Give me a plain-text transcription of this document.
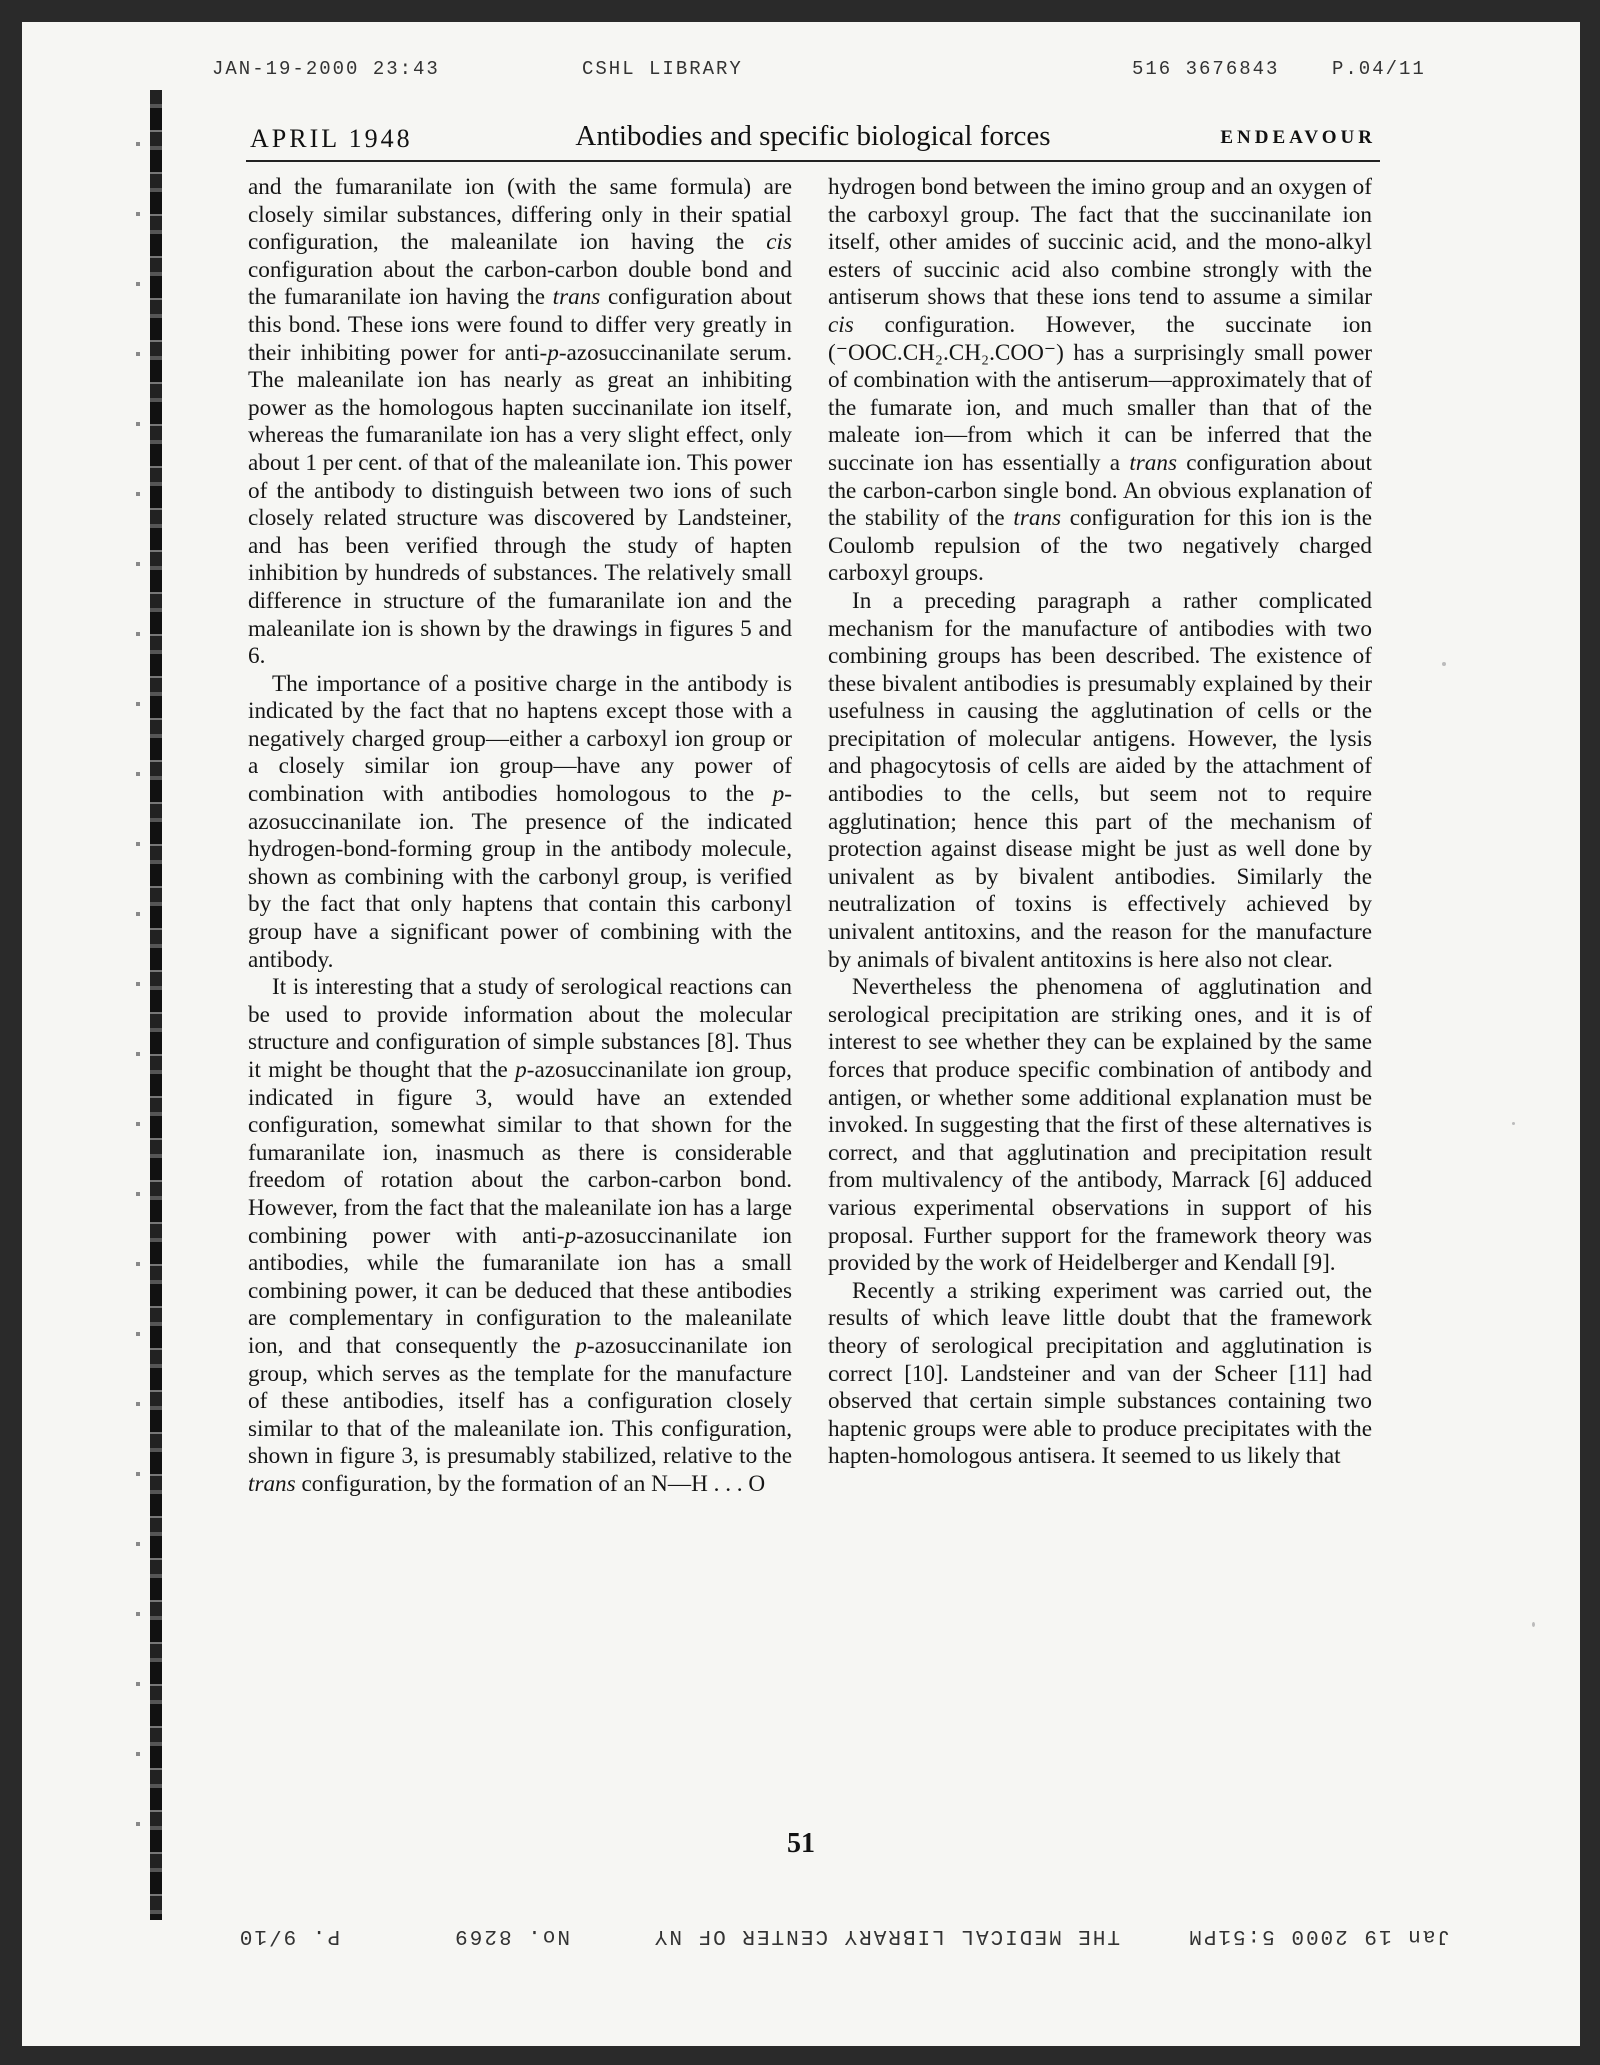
JAN-19-2000 23:43	CSHL LIBRARY	516 3676843	P.04/11
APRIL 1948	Antibodies and specific biological forces	ENDEAVOUR

and the fumaranilate ion (with the same formula) are closely similar substances, differing only in their spatial configuration, the maleanilate ion having the cis configuration about the carbon-carbon double bond and the fumaranilate ion having the trans configuration about this bond. These ions were found to differ very greatly in their inhibiting power for anti-p-azosuccinanilate serum. The maleanilate ion has nearly as great an inhibiting power as the homologous hapten succinanilate ion itself, whereas the fumaranilate ion has a very slight effect, only about 1 per cent. of that of the maleanilate ion. This power of the antibody to distinguish between two ions of such closely related structure was discovered by Landsteiner, and has been verified through the study of hapten inhibition by hundreds of substances. The relatively small difference in structure of the fumaranilate ion and the maleanilate ion is shown by the drawings in figures 5 and 6.

The importance of a positive charge in the antibody is indicated by the fact that no haptens except those with a negatively charged group—either a carboxyl ion group or a closely similar ion group—have any power of combination with antibodies homologous to the p-azosuccinanilate ion. The presence of the indicated hydrogen-bond-forming group in the antibody molecule, shown as combining with the carbonyl group, is verified by the fact that only haptens that contain this carbonyl group have a significant power of combining with the antibody.

It is interesting that a study of serological reactions can be used to provide information about the molecular structure and configuration of simple substances [8]. Thus it might be thought that the p-azosuccinanilate ion group, indicated in figure 3, would have an extended configuration, somewhat similar to that shown for the fumaranilate ion, inasmuch as there is considerable freedom of rotation about the carbon-carbon bond. However, from the fact that the maleanilate ion has a large combining power with anti-p-azosuccinanilate ion antibodies, while the fumaranilate ion has a small combining power, it can be deduced that these antibodies are complementary in configuration to the maleanilate ion, and that consequently the p-azosuccinanilate ion group, which serves as the template for the manufacture of these antibodies, itself has a configuration closely similar to that of the maleanilate ion. This configuration, shown in figure 3, is presumably stabilized, relative to the trans configuration, by the formation of an N—H . . . O

hydrogen bond between the imino group and an oxygen of the carboxyl group. The fact that the succinanilate ion itself, other amides of succinic acid, and the mono-alkyl esters of succinic acid also combine strongly with the antiserum shows that these ions tend to assume a similar cis configuration. However, the succinate ion (⁻OOC.CH₂.CH₂.COO⁻) has a surprisingly small power of combination with the antiserum—approximately that of the fumarate ion, and much smaller than that of the maleate ion—from which it can be inferred that the succinate ion has essentially a trans configuration about the carbon-carbon single bond. An obvious explanation of the stability of the trans configuration for this ion is the Coulomb repulsion of the two negatively charged carboxyl groups.

In a preceding paragraph a rather complicated mechanism for the manufacture of antibodies with two combining groups has been described. The existence of these bivalent antibodies is presumably explained by their usefulness in causing the agglutination of cells or the precipitation of molecular antigens. However, the lysis and phagocytosis of cells are aided by the attachment of antibodies to the cells, but seem not to require agglutination; hence this part of the mechanism of protection against disease might be just as well done by univalent as by bivalent antibodies. Similarly the neutralization of toxins is effectively achieved by univalent antitoxins, and the reason for the manufacture by animals of bivalent antitoxins is here also not clear.

Nevertheless the phenomena of agglutination and serological precipitation are striking ones, and it is of interest to see whether they can be explained by the same forces that produce specific combination of antibody and antigen, or whether some additional explanation must be invoked. In suggesting that the first of these alternatives is correct, and that agglutination and precipitation result from multivalency of the antibody, Marrack [6] adduced various experimental observations in support of his proposal. Further support for the framework theory was provided by the work of Heidelberger and Kendall [9].

Recently a striking experiment was carried out, the results of which leave little doubt that the framework theory of serological precipitation and agglutination is correct [10]. Landsteiner and van der Scheer [11] had observed that certain simple substances containing two haptenic groups were able to produce precipitates with the hapten-homologous antisera. It seemed to us likely that

51
Jan 19 2000 5:51PM
THE MEDICAL LIBRARY CENTER OF NY
No. 8269
P. 9/10
